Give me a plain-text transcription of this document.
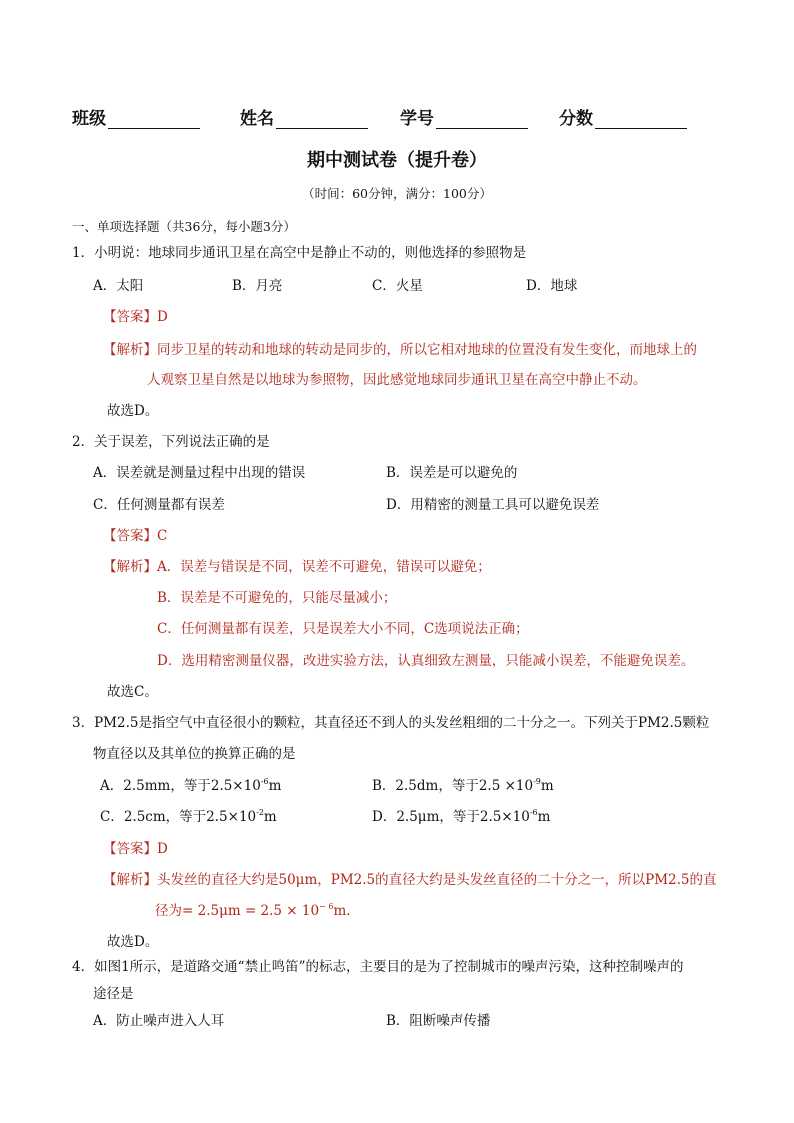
班级	姓名	学号	分数
期中测试卷（提升卷）
（时间：60分钟，满分：100分）
一、单项选择题（共36分，每小题3分）
1．小明说：地球同步通讯卫星在高空中是静止不动的，则他选择的参照物是
A．太阳	B．月亮	C．火星	D．地球
【答案】D
【解析】同步卫星的转动和地球的转动是同步的，所以它相对地球的位置没有发生变化，而地球上的
人观察卫星自然是以地球为参照物，因此感觉地球同步通讯卫星在高空中静止不动。
故选D。
2．关于误差，下列说法正确的是
A．误差就是测量过程中出现的错误	B．误差是可以避免的
C．任何测量都有误差	D．用精密的测量工具可以避免误差
【答案】C
【解析】A．误差与错误是不同，误差不可避免，错误可以避免；
B．误差是不可避免的，只能尽量减小；
C．任何测量都有误差，只是误差大小不同，C选项说法正确；
D．选用精密测量仪器，改进实验方法，认真细致左测量，只能减小误差，不能避免误差。
故选C。
3．PM2.5是指空气中直径很小的颗粒，其直径还不到人的头发丝粗细的二十分之一。下列关于PM2.5颗粒
物直径以及其单位的换算正确的是
A．2.5mm，等于$2.5\times 10^{-6}m$	B．2.5dm，等于$2.5 \times 10^{-9}m$
C．2.5cm，等于$2.5\times 10^{-2}m$	D．2.5μm，等于$2.5\times 10^{-6}m$
【答案】D
【解析】头发丝的直径大约是50μm，PM2.5的直径大约是头发丝直径的二十分之一，所以PM2.5的直
径为= $2.5\mu m = 2.5 \times 10^{- 6}m$.
故选D。
4．如图1所示，是道路交通“禁止鸣笛”的标志，主要目的是为了控制城市的噪声污染，这种控制噪声的
途径是
A．防止噪声进入人耳	B．阻断噪声传播
